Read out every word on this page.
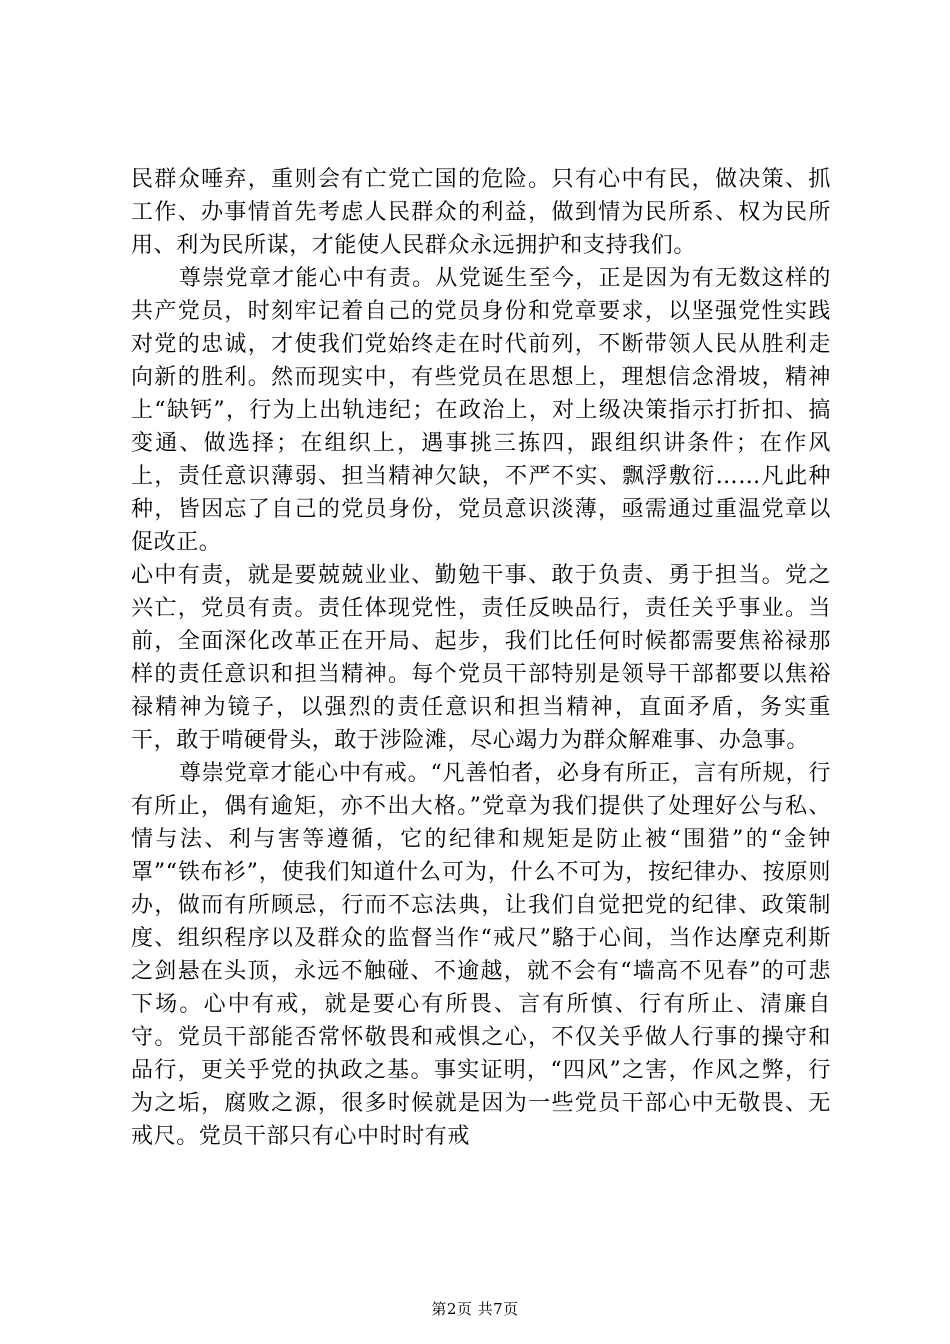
民群众唾弃，重则会有亡党亡国的危险。只有心中有民，做决策、抓工作、办事情首先考虑人民群众的利益，做到情为民所系、权为民所用、利为民所谋，才能使人民群众永远拥护和支持我们。

尊崇党章才能心中有责。从党诞生至今，正是因为有无数这样的共产党员，时刻牢记着自己的党员身份和党章要求，以坚强党性实践对党的忠诚，才使我们党始终走在时代前列，不断带领人民从胜利走向新的胜利。然而现实中，有些党员在思想上，理想信念滑坡，精神上“缺钙”，行为上出轨违纪；在政治上，对上级决策指示打折扣、搞变通、做选择；在组织上，遇事挑三拣四，跟组织讲条件；在作风上，责任意识薄弱、担当精神欠缺，不严不实、飘浮敷衍……凡此种种，皆因忘了自己的党员身份，党员意识淡薄，亟需通过重温党章以促改正。

心中有责，就是要兢兢业业、勤勉干事、敢于负责、勇于担当。党之兴亡，党员有责。责任体现党性，责任反映品行，责任关乎事业。当前，全面深化改革正在开局、起步，我们比任何时候都需要焦裕禄那样的责任意识和担当精神。每个党员干部特别是领导干部都要以焦裕禄精神为镜子，以强烈的责任意识和担当精神，直面矛盾，务实重干，敢于啃硬骨头，敢于涉险滩，尽心竭力为群众解难事、办急事。

尊崇党章才能心中有戒。“凡善怕者，必身有所正，言有所规，行有所止，偶有逾矩，亦不出大格。”党章为我们提供了处理好公与私、情与法、利与害等遵循，它的纪律和规矩是防止被“围猎”的“金钟罩”“铁布衫”，使我们知道什么可为，什么不可为，按纪律办、按原则办，做而有所顾忌，行而不忘法典，让我们自觉把党的纪律、政策制度、组织程序以及群众的监督当作“戒尺”駱于心间，当作达摩克利斯之剑悬在头顶，永远不触碰、不逾越，就不会有“墙高不见春”的可悲下场。心中有戒，就是要心有所畏、言有所慎、行有所止、清廉自守。党员干部能否常怀敬畏和戒惧之心，不仅关乎做人行事的操守和品行，更关乎党的执政之基。事实证明，“四风”之害，作风之弊，行为之垢，腐败之源，很多时候就是因为一些党员干部心中无敬畏、无戒尺。党员干部只有心中时时有戒

第2页 共7页
